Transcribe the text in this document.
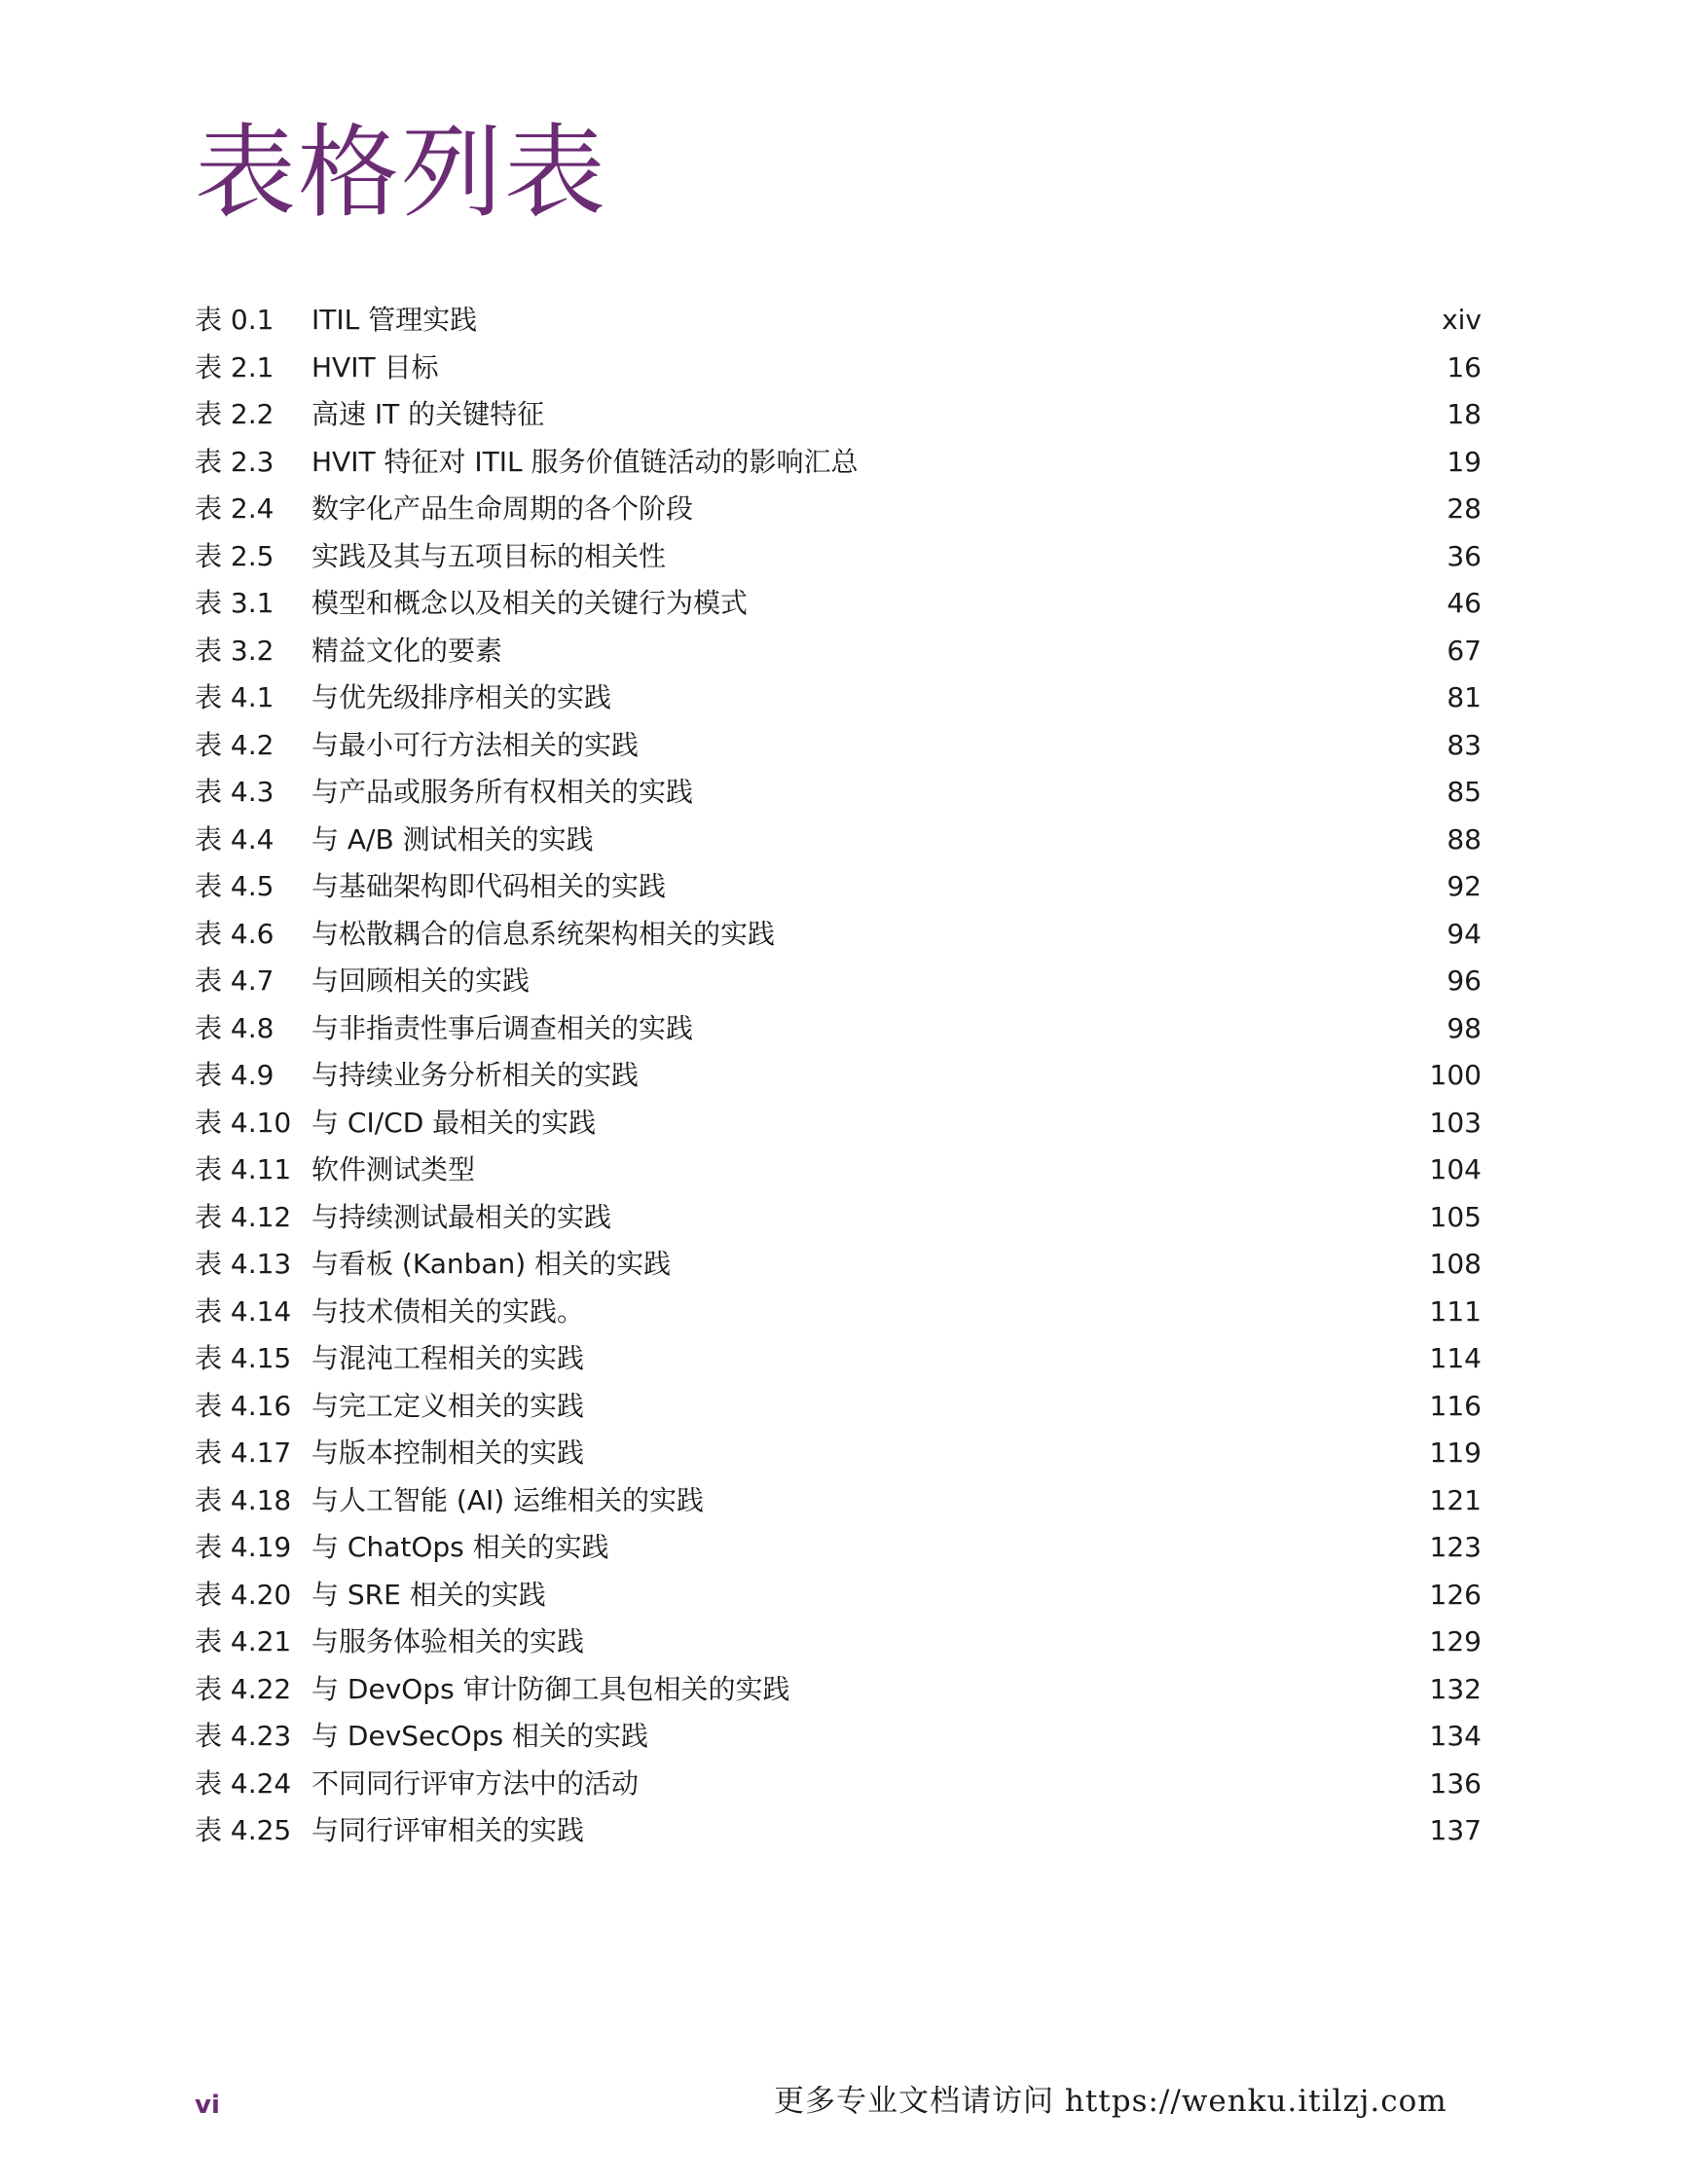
表格列表
表 0.1	ITIL 管理实践	xiv
表 2.1	HVIT 目标	16
表 2.2	高速 IT 的关键特征	18
表 2.3	HVIT 特征对 ITIL 服务价值链活动的影响汇总	19
表 2.4	数字化产品生命周期的各个阶段	28
表 2.5	实践及其与五项目标的相关性	36
表 3.1	模型和概念以及相关的关键行为模式	46
表 3.2	精益文化的要素	67
表 4.1	与优先级排序相关的实践	81
表 4.2	与最小可行方法相关的实践	83
表 4.3	与产品或服务所有权相关的实践	85
表 4.4	与 A/B 测试相关的实践	88
表 4.5	与基础架构即代码相关的实践	92
表 4.6	与松散耦合的信息系统架构相关的实践	94
表 4.7	与回顾相关的实践	96
表 4.8	与非指责性事后调查相关的实践	98
表 4.9	与持续业务分析相关的实践	100
表 4.10 与 CI/CD 最相关的实践	103
表 4.11 软件测试类型	104
表 4.12 与持续测试最相关的实践	105
表 4.13 与看板 (Kanban) 相关的实践	108
表 4.14 与技术债相关的实践。	111
表 4.15 与混沌工程相关的实践	114
表 4.16 与完工定义相关的实践	116
表 4.17 与版本控制相关的实践	119
表 4.18 与人工智能 (AI) 运维相关的实践	121
表 4.19 与 ChatOps 相关的实践	123
表 4.20 与 SRE 相关的实践	126
表 4.21 与服务体验相关的实践	129
表 4.22 与 DevOps 审计防御工具包相关的实践	132
表 4.23 与 DevSecOps 相关的实践	134
表 4.24 不同同行评审方法中的活动	136
表 4.25 与同行评审相关的实践	137
vi	更多专业文档请访问 https://wenku.itilzj.com
